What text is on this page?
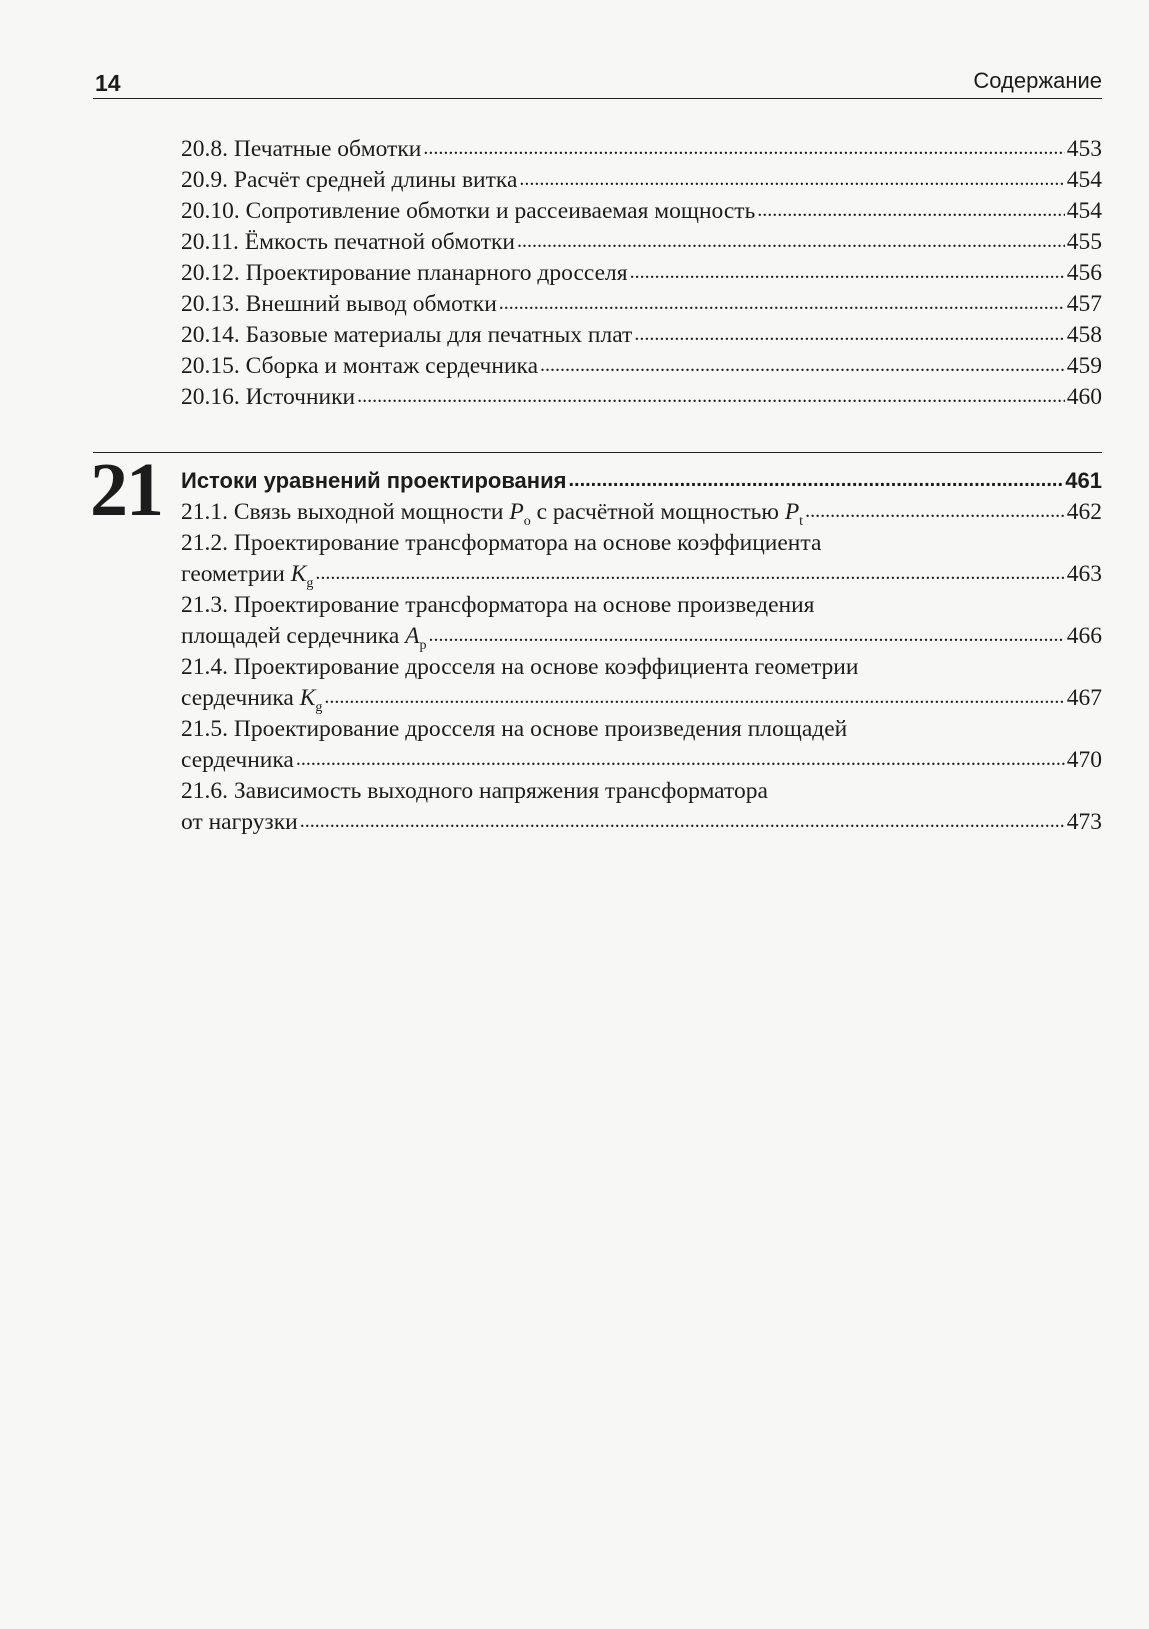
14	Содержание
20.8. Печатные обмотки .....	453
20.9. Расчёт средней длины витка .....	454
20.10. Сопротивление обмотки и рассеиваемая мощность .....	454
20.11. Ёмкость печатной обмотки .....	455
20.12. Проектирование планарного дросселя .....	456
20.13. Внешний вывод обмотки .....	457
20.14. Базовые материалы для печатных плат .....	458
20.15. Сборка и монтаж сердечника .....	459
20.16. Источники .....	460
21 Истоки уравнений проектирования .....	461
21.1. Связь выходной мощности $P_o$ с расчётной мощностью $P_t$ .....	462
21.2. Проектирование трансформатора на основе коэффициента
геометрии $K_g$ .....	463
21.3. Проектирование трансформатора на основе произведения
площадей сердечника $A_p$ .....	466
21.4. Проектирование дросселя на основе коэффициента геометрии
сердечника $K_g$ .....	467
21.5. Проектирование дросселя на основе произведения площадей
сердечника .....	470
21.6. Зависимость выходного напряжения трансформатора
от нагрузки .....	473
